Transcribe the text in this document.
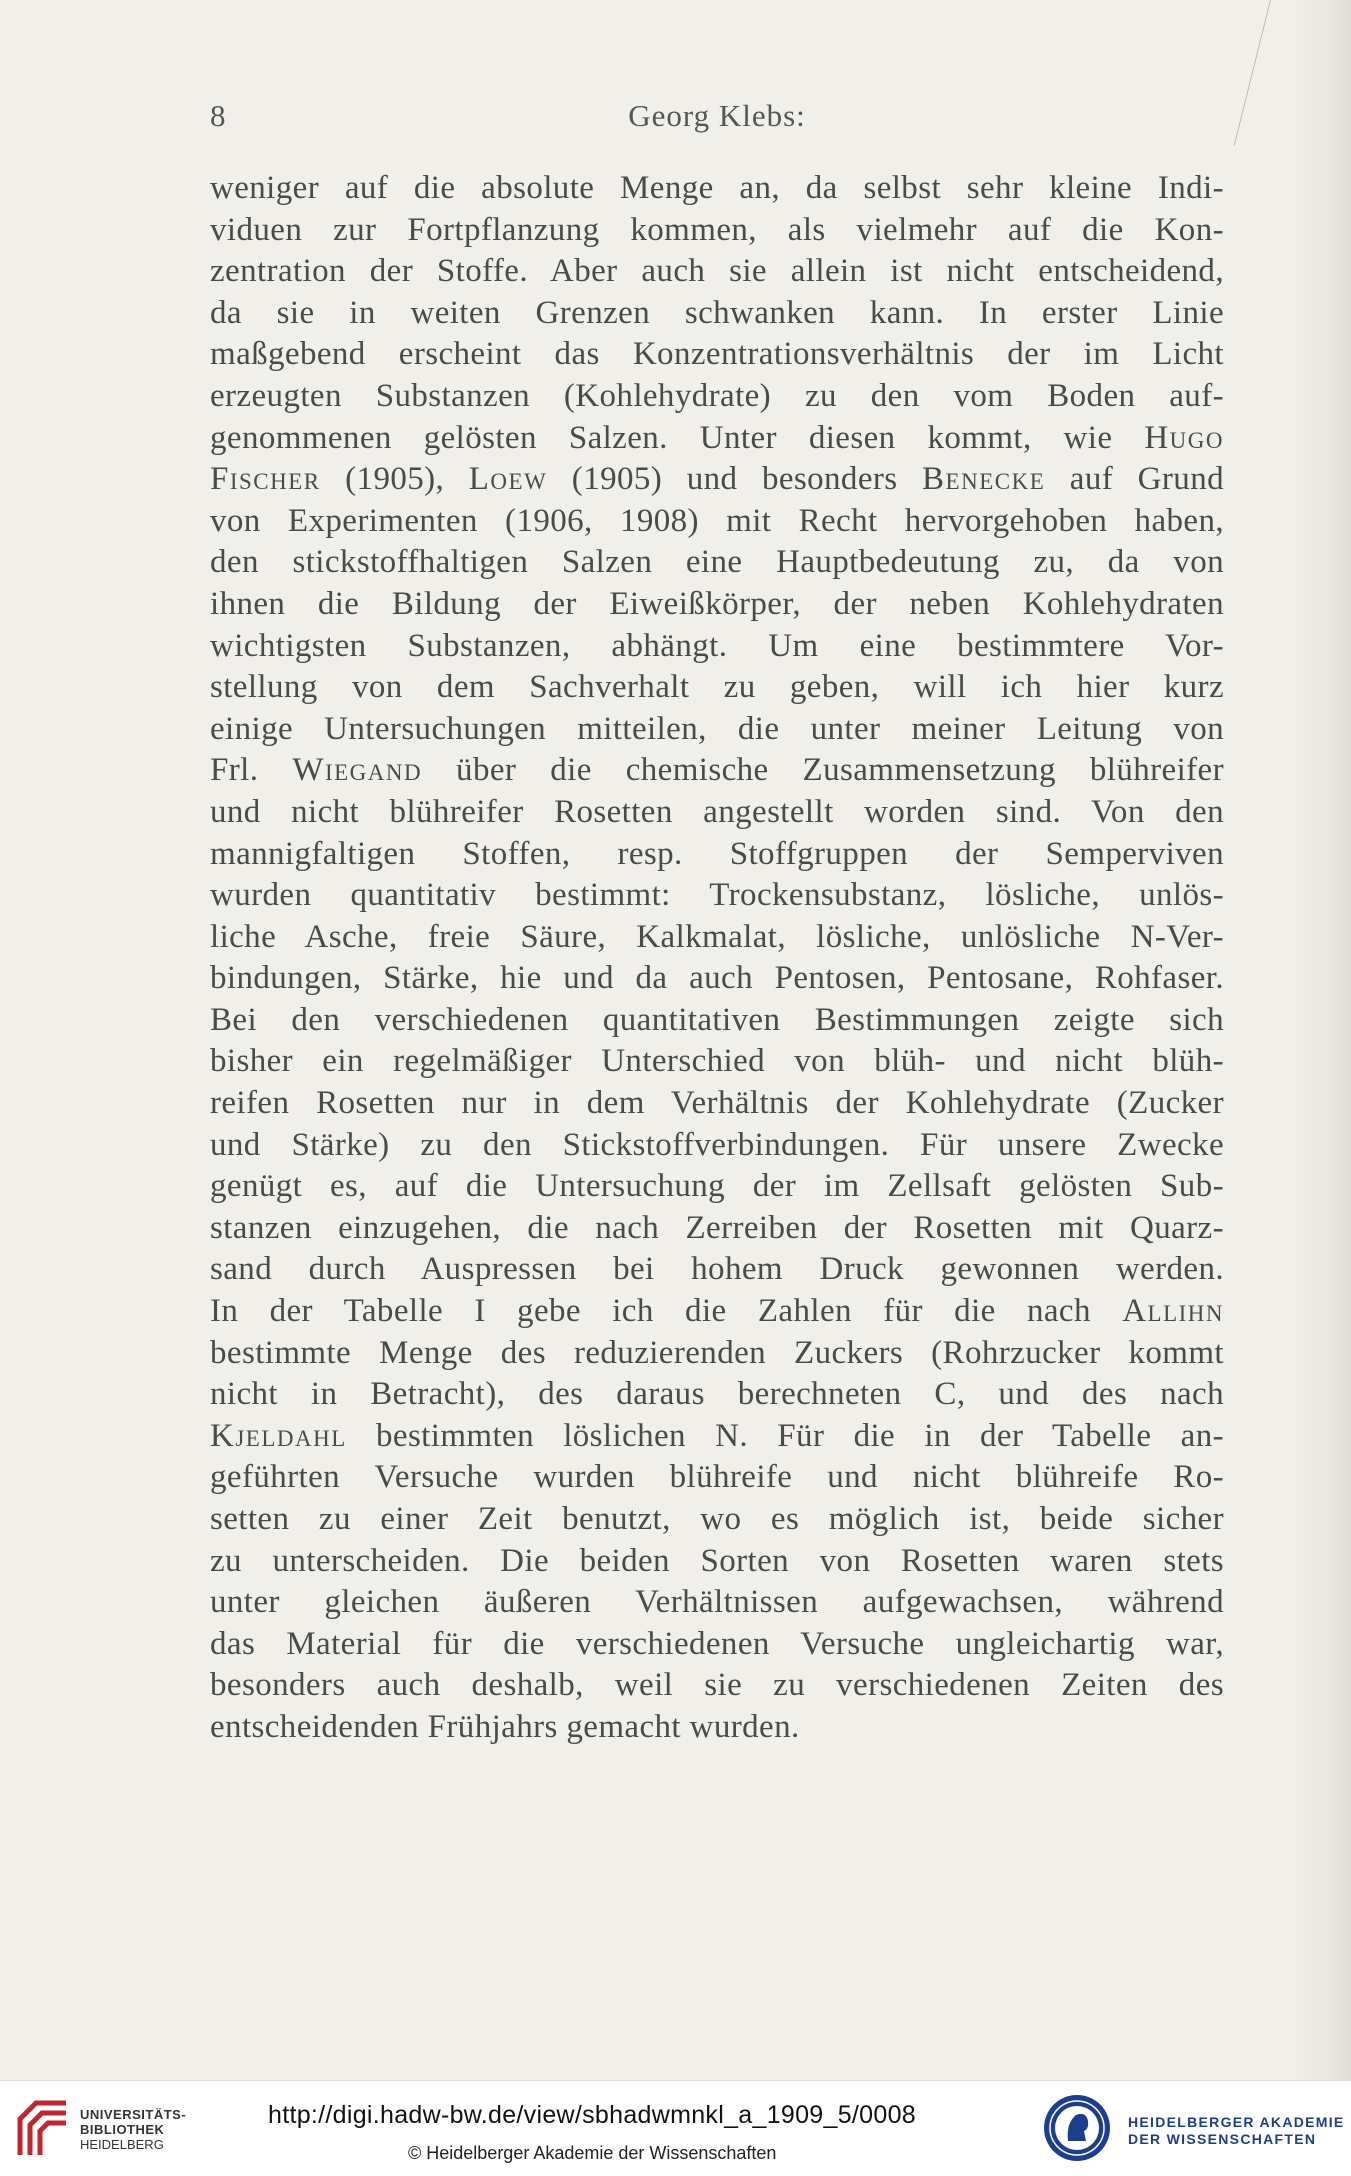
8	Georg Klebs:
weniger auf die absolute Menge an, da selbst sehr kleine Indi-
viduen zur Fortpflanzung kommen, als vielmehr auf die Kon-
zentration der Stoffe. Aber auch sie allein ist nicht entscheidend,
da sie in weiten Grenzen schwanken kann. In erster Linie
maßgebend erscheint das Konzentrationsverhältnis der im Licht
erzeugten Substanzen (Kohlehydrate) zu den vom Boden auf-
genommenen gelösten Salzen. Unter diesen kommt, wie Hugo
Fischer (1905), Loew (1905) und besonders Benecke auf Grund
von Experimenten (1906, 1908) mit Recht hervorgehoben haben,
den stickstoffhaltigen Salzen eine Hauptbedeutung zu, da von
ihnen die Bildung der Eiweißkörper, der neben Kohlehydraten
wichtigsten Substanzen, abhängt. Um eine bestimmtere Vor-
stellung von dem Sachverhalt zu geben, will ich hier kurz
einige Untersuchungen mitteilen, die unter meiner Leitung von
Frl. Wiegand über die chemische Zusammensetzung blühreifer
und nicht blühreifer Rosetten angestellt worden sind. Von den
mannigfaltigen Stoffen, resp. Stoffgruppen der Semperviven
wurden quantitativ bestimmt: Trockensubstanz, lösliche, unlös-
liche Asche, freie Säure, Kalkmalat, lösliche, unlösliche N-Ver-
bindungen, Stärke, hie und da auch Pentosen, Pentosane, Rohfaser.
Bei den verschiedenen quantitativen Bestimmungen zeigte sich
bisher ein regelmäßiger Unterschied von blüh- und nicht blüh-
reifen Rosetten nur in dem Verhältnis der Kohlehydrate (Zucker
und Stärke) zu den Stickstoffverbindungen. Für unsere Zwecke
genügt es, auf die Untersuchung der im Zellsaft gelösten Sub-
stanzen einzugehen, die nach Zerreiben der Rosetten mit Quarz-
sand durch Auspressen bei hohem Druck gewonnen werden.
In der Tabelle I gebe ich die Zahlen für die nach Allihn
bestimmte Menge des reduzierenden Zuckers (Rohrzucker kommt
nicht in Betracht), des daraus berechneten C, und des nach
Kjeldahl bestimmten löslichen N. Für die in der Tabelle an-
geführten Versuche wurden blühreife und nicht blühreife Ro-
setten zu einer Zeit benutzt, wo es möglich ist, beide sicher
zu unterscheiden. Die beiden Sorten von Rosetten waren stets
unter gleichen äußeren Verhältnissen aufgewachsen, während
das Material für die verschiedenen Versuche ungleichartig war,
besonders auch deshalb, weil sie zu verschiedenen Zeiten des
entscheidenden Frühjahrs gemacht wurden.
UNIVERSITÄTS-
BIBLIOTHEK
HEIDELBERG
http://digi.hadw-bw.de/view/sbhadwmnkl_a_1909_5/0008
© Heidelberger Akademie der Wissenschaften
HEIDELBERGER AKADEMIE
DER WISSENSCHAFTEN
